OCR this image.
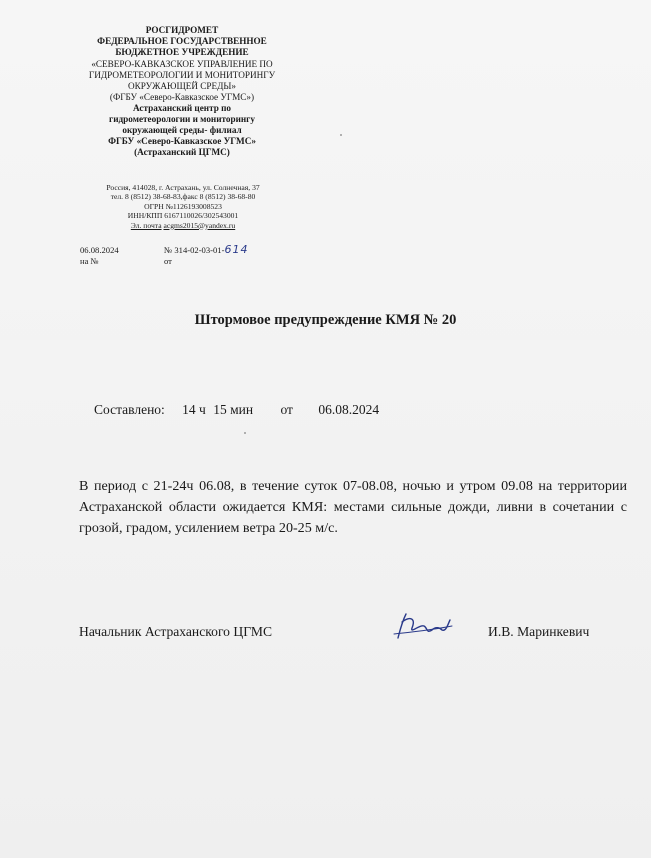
РОСГИДРОМЕТ
ФЕДЕРАЛЬНОЕ ГОСУДАРСТВЕННОЕ
БЮДЖЕТНОЕ УЧРЕЖДЕНИЕ
«СЕВЕРО-КАВКАЗСКОЕ УПРАВЛЕНИЕ ПО
ГИДРОМЕТЕОРОЛОГИИ И МОНИТОРИНГУ
ОКРУЖАЮЩЕЙ СРЕДЫ»
(ФГБУ «Северо-Кавказское УГМС»)
Астраханский центр по
гидрометеорологии и мониторингу
окружающей среды- филиал
ФГБУ «Северо-Кавказское УГМС»
(Астраханский ЦГМС)
Россия, 414028, г. Астрахань, ул. Солнечная, 37
тел. 8 (8512) 38-68-83,факс 8 (8512) 38-68-80
ОГРН №1126193008523
ИНН/КПП 6167110026/302543001
Эл. почта acgms2015@yandex.ru
06.08.2024
на №
№ 314-02-03-01-614
от
Штормовое предупреждение КМЯ № 20
Составлено: 14 ч 15 мин от 06.08.2024
В период с 21-24ч 06.08, в течение суток 07-08.08, ночью и утром 09.08 на территории Астраханской области ожидается КМЯ: местами сильные дожди, ливни в сочетании с грозой, градом, усилением ветра 20-25 м/с.
Начальник Астраханского ЦГМС	И.В. Маринкевич
